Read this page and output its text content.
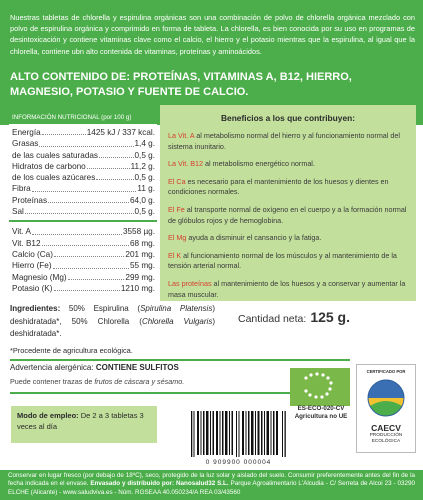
Nuestras tabletas de chlorella y espirulina orgánicas son una combinación de polvo de chlorella orgánica mezclado con polvo de espirulina orgánica y comprimido en forma de tableta. La chlorella, es bien conocida por su uso en programas de desintoxicación y contiene vitaminas clave como el calcio, el hierro y el potasio mientras que la espirulina, al igual que la chlorella, contiene ubn alto contenida de vitaminas, proteínas y aminoácidos.
ALTO CONTENIDO DE: PROTEÍNAS, VITAMINAS A, B12, HIERRO, MAGNESIO, POTASIO Y FUENTE DE CALCIO.
INFORMACIÓN NUTRICIONAL (por 100 g)
Energía	1425 kJ / 337 kcal.
Grasas	1,4 g.
de las cuales saturadas	0,5 g.
Hidratos de carbono	11,2 g.
de los cuales azúcares	0,5 g.
Fibra	11 g.
Proteínas	64,0 g.
Sal	0,5 g.
Vit. A	3558 µg.
Vit. B12	68 mg.
Calcio (Ca)	201 mg.
Hierro (Fe)	55 mg.
Magnesio (Mg)	299 mg.
Potasio (K)	1210 mg.
Beneficios a los que contribuyen:
La Vit. A al metabolismo normal del hierro y al funcionamiento normal del sistema inunitario.
La Vit. B12 al metabolismo energético normal.
El Ca es necesario para el mantenimiento de los huesos y dientes en condiciones normales.
El Fe al transporte normal de oxígeno en el cuerpo y a la formación normal de glóbulos rojos y de hemoglobina.
El Mg ayuda a disminuir el cansancio y la fatiga.
El K al funcionamiento normal de los músculos y al mantenimiento de la tensión arterial normal.
Las proteínas al mantenimiento de los huesos y a conservar y aumentar la masa muscular.
Cantidad neta: 125 g.
Ingredientes: 50% Espirulina (Spirulina Platensis) deshidratada*, 50% Chlorella (Chlorella Vulgaris) deshidratada*.
*Procedente de agricultura ecológica.
Advertencia alergénica: CONTIENE SULFITOS
Puede contener trazas de frutos de cáscara y sésamo.
Modo de empleo: De 2 a 3 tabletas 3 veces al día
0 909900 000004
ES-ECO-020-CV
Agricultura no UE
CERTIFICADO POR
CAECV
PRODUCCIÓN
ECOLÓGICA
Conservar en lugar fresco (por debajo de 18ºC), seco, protegido de la luz solar y aislado del suelo. Consumir preferentemente antes del fin de la fecha indicada en el envase. Envasado y distribuido por: Nanosalud32 S.L. Parque Agroalimentario L'Alcudia - C/ Serreta de Alcoi 23 - 03290 ELCHE (Alicante) - www.saludviva.es - Núm. RGSEAA 40.050234/A REA 03/43560
